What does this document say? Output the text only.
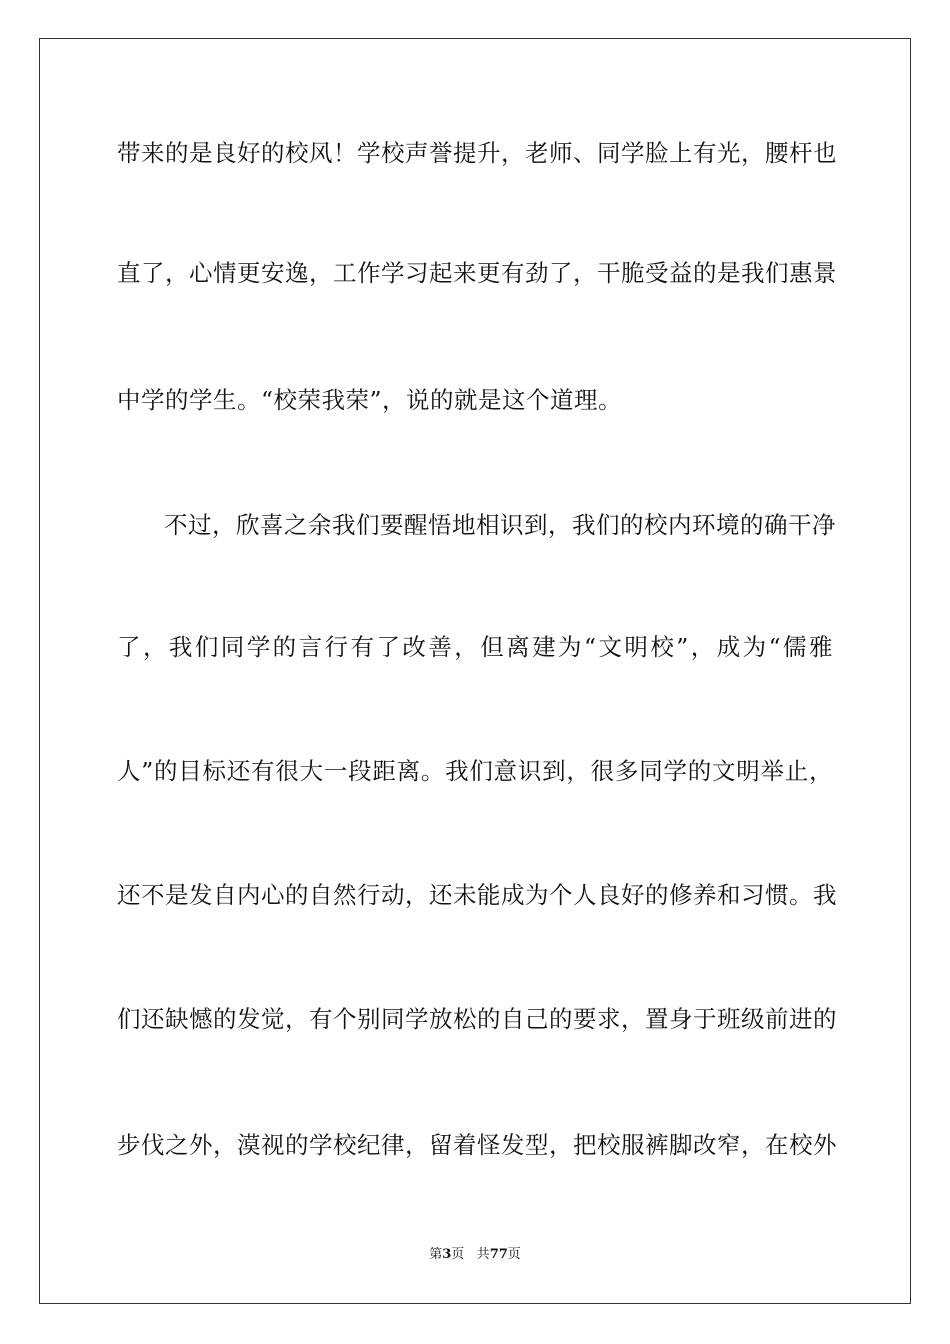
带来的是良好的校风！学校声誉提升，老师、同学脸上有光，腰杆也
直了，心情更安逸，工作学习起来更有劲了，干脆受益的是我们惠景
中学的学生。“校荣我荣”，说的就是这个道理。
不过，欣喜之余我们要醒悟地相识到，我们的校内环境的确干净
了，我们同学的言行有了改善，但离建为“文明校”，成为“儒雅
人”的目标还有很大一段距离。我们意识到，很多同学的文明举止，
还不是发自内心的自然行动，还未能成为个人良好的修养和习惯。我
们还缺憾的发觉，有个别同学放松的自己的要求，置身于班级前进的
步伐之外，漠视的学校纪律，留着怪发型，把校服裤脚改窄，在校外
第3页 共77页
